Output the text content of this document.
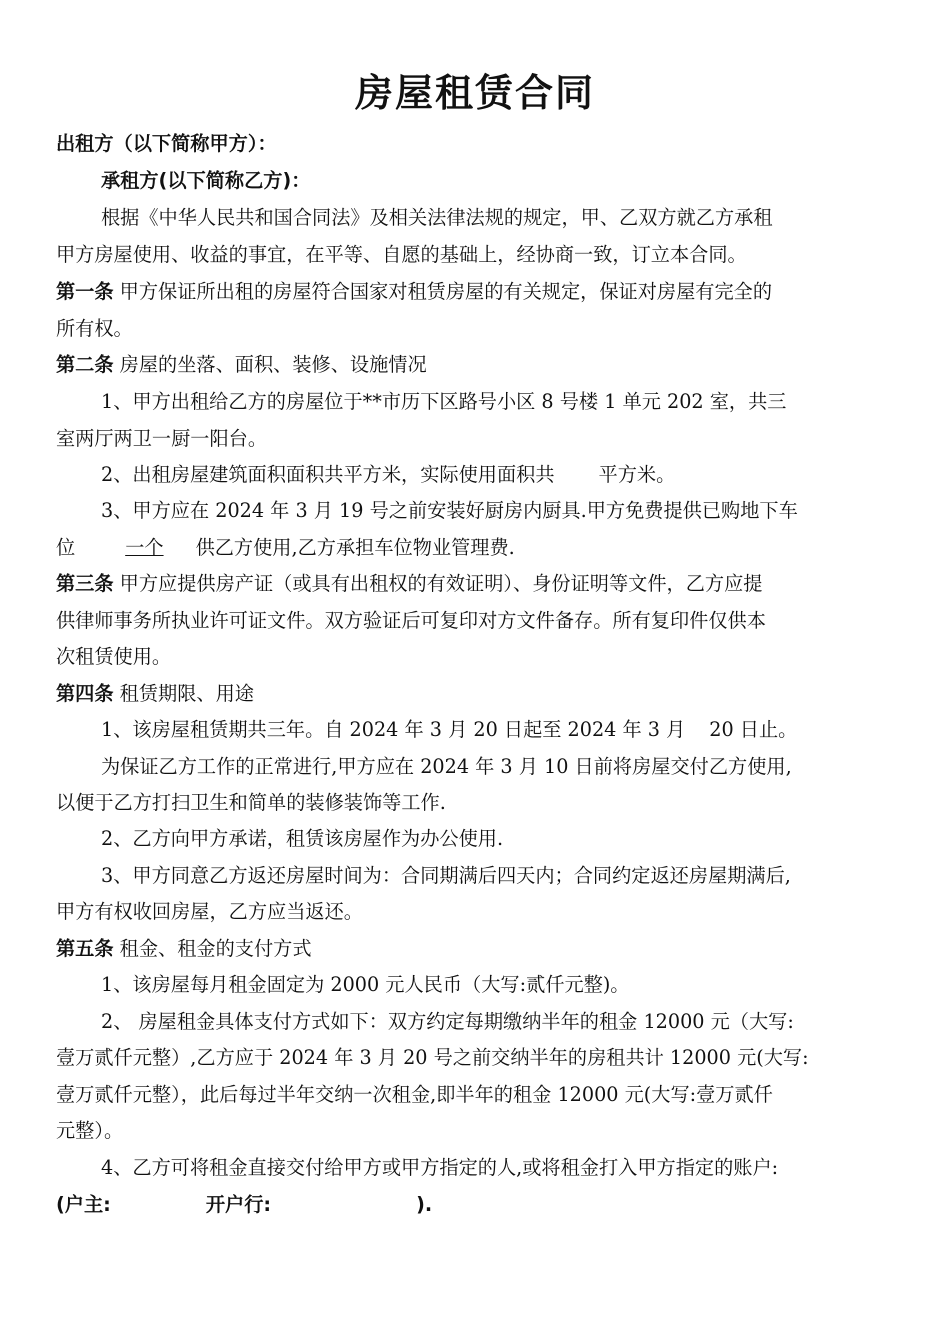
房屋租赁合同
出租方（以下简称甲方）：
承租方(以下简称乙方)：
根据《中华人民共和国合同法》及相关法律法规的规定，甲、乙双方就乙方承租
甲方房屋使用、收益的事宜，在平等、自愿的基础上，经协商一致，订立本合同。
第一条 甲方保证所出租的房屋符合国家对租赁房屋的有关规定，保证对房屋有完全的
所有权。
第二条 房屋的坐落、面积、装修、设施情况
1、甲方出租给乙方的房屋位于**市历下区路号小区 8 号楼 1 单元 202 室，共三
室两厅两卫一厨一阳台。
2、出租房屋建筑面积面积共平方米，实际使用面积共 平方米。
3、甲方应在 2024 年 3 月 19 号之前安装好厨房内厨具.甲方免费提供已购地下车
位	一个 供乙方使用,乙方承担车位物业管理费.
第三条 甲方应提供房产证（或具有出租权的有效证明）、身份证明等文件，乙方应提
供律师事务所执业许可证文件。双方验证后可复印对方文件备存。所有复印件仅供本
次租赁使用。
第四条 租赁期限、用途
1、该房屋租赁期共三年。自 2024 年 3 月 20 日起至 2024 年 3 月 20 日止。
为保证乙方工作的正常进行,甲方应在 2024 年 3 月 10 日前将房屋交付乙方使用,
以便于乙方打扫卫生和简单的装修装饰等工作.
2、乙方向甲方承诺，租赁该房屋作为办公使用.
3、甲方同意乙方返还房屋时间为：合同期满后四天内；合同约定返还房屋期满后,
甲方有权收回房屋，乙方应当返还。
第五条 租金、租金的支付方式
1、该房屋每月租金固定为 2000 元人民币（大写:贰仟元整)。
2、 房屋租金具体支付方式如下：双方约定每期缴纳半年的租金 12000 元（大写:
壹万贰仟元整）,乙方应于 2024 年 3 月 20 号之前交纳半年的房租共计 12000 元(大写:
壹万贰仟元整），此后每过半年交纳一次租金,即半年的租金 12000 元(大写:壹万贰仟
元整）。
4、乙方可将租金直接交付给甲方或甲方指定的人,或将租金打入甲方指定的账户:
(户主:	开户行:	).
